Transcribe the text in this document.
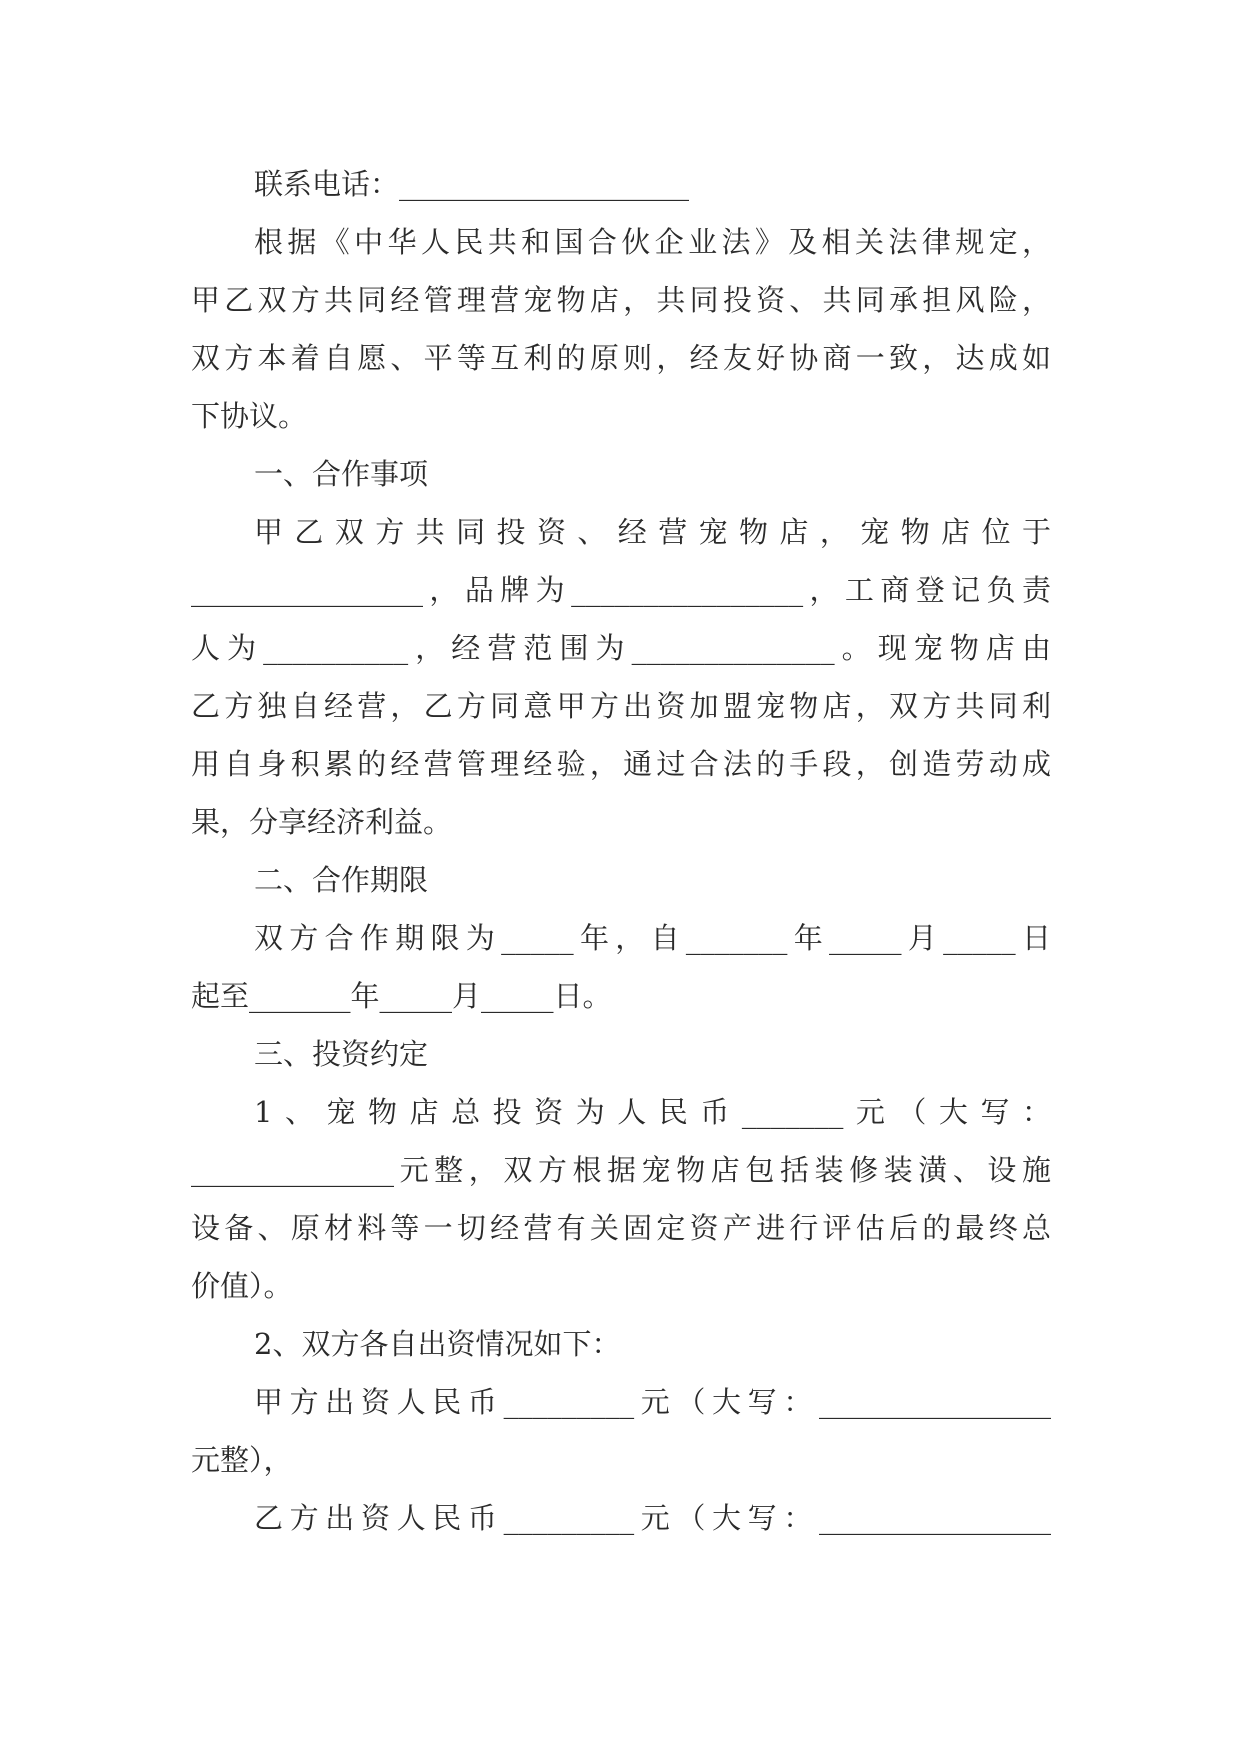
联系电话：____________________
根据《中华人民共和国合伙企业法》及相关法律规定，
甲乙双方共同经管理营宠物店，共同投资、共同承担风险，
双方本着自愿、平等互利的原则，经友好协商一致，达成如
下协议。
一、合作事项
甲乙双方共同投资、经营宠物店，宠物店位于
________________，品牌为________________，工商登记负责
人为__________，经营范围为______________。现宠物店由
乙方独自经营，乙方同意甲方出资加盟宠物店，双方共同利
用自身积累的经营管理经验，通过合法的手段，创造劳动成
果，分享经济利益。
二、合作期限
双方合作期限为_____年，自_______年_____月_____日
起至_______年_____月_____日。
三、投资约定
1、宠物店总投资为人民币_______元（大写：
______________元整，双方根据宠物店包括装修装潢、设施
设备、原材料等一切经营有关固定资产进行评估后的最终总
价值）。
2、双方各自出资情况如下：
甲方出资人民币_________元（大写：________________
元整），
乙方出资人民币_________元（大写：________________
